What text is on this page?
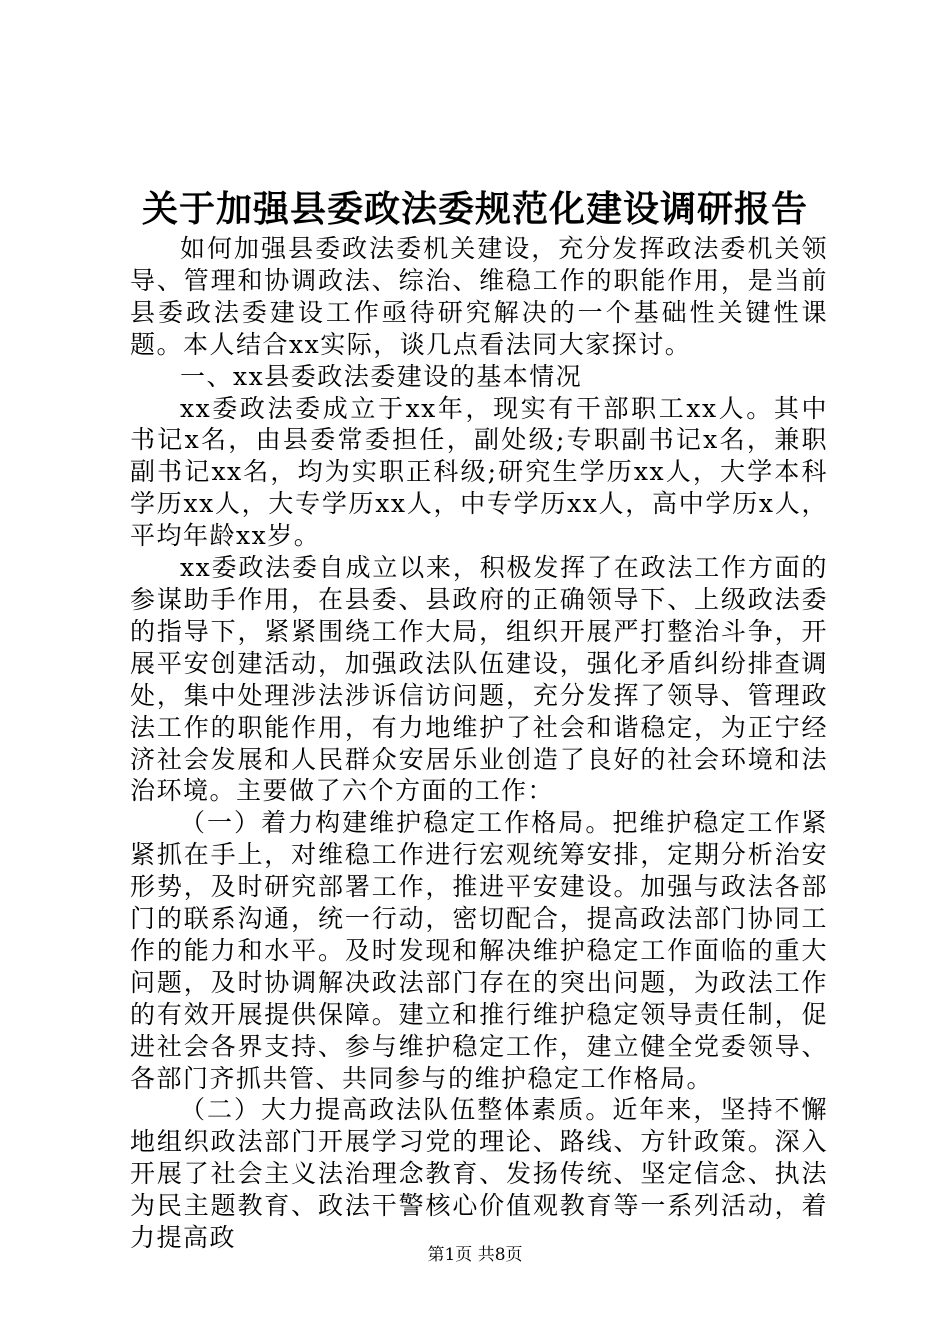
关于加强县委政法委规范化建设调研报告

如何加强县委政法委机关建设，充分发挥政法委机关领导、管理和协调政法、综治、维稳工作的职能作用，是当前县委政法委建设工作亟待研究解决的一个基础性关键性课题。本人结合xx实际，谈几点看法同大家探讨。

一、xx县委政法委建设的基本情况

xx委政法委成立于xx年，现实有干部职工xx人。其中书记x名，由县委常委担任，副处级;专职副书记x名，兼职副书记xx名，均为实职正科级;研究生学历xx人，大学本科学历xx人，大专学历xx人，中专学历xx人，高中学历x人，平均年龄xx岁。

xx委政法委自成立以来，积极发挥了在政法工作方面的参谋助手作用，在县委、县政府的正确领导下、上级政法委的指导下，紧紧围绕工作大局，组织开展严打整治斗争，开展平安创建活动，加强政法队伍建设，强化矛盾纠纷排查调处，集中处理涉法涉诉信访问题，充分发挥了领导、管理政法工作的职能作用，有力地维护了社会和谐稳定，为正宁经济社会发展和人民群众安居乐业创造了良好的社会环境和法治环境。主要做了六个方面的工作：

（一）着力构建维护稳定工作格局。把维护稳定工作紧紧抓在手上，对维稳工作进行宏观统筹安排，定期分析治安形势，及时研究部署工作，推进平安建设。加强与政法各部门的联系沟通，统一行动，密切配合，提高政法部门协同工作的能力和水平。及时发现和解决维护稳定工作面临的重大问题，及时协调解决政法部门存在的突出问题，为政法工作的有效开展提供保障。建立和推行维护稳定领导责任制，促进社会各界支持、参与维护稳定工作，建立健全党委领导、各部门齐抓共管、共同参与的维护稳定工作格局。

（二）大力提高政法队伍整体素质。近年来，坚持不懈地组织政法部门开展学习党的理论、路线、方针政策。深入开展了社会主义法治理念教育、发扬传统、坚定信念、执法为民主题教育、政法干警核心价值观教育等一系列活动，着力提高政

第1页 共8页
